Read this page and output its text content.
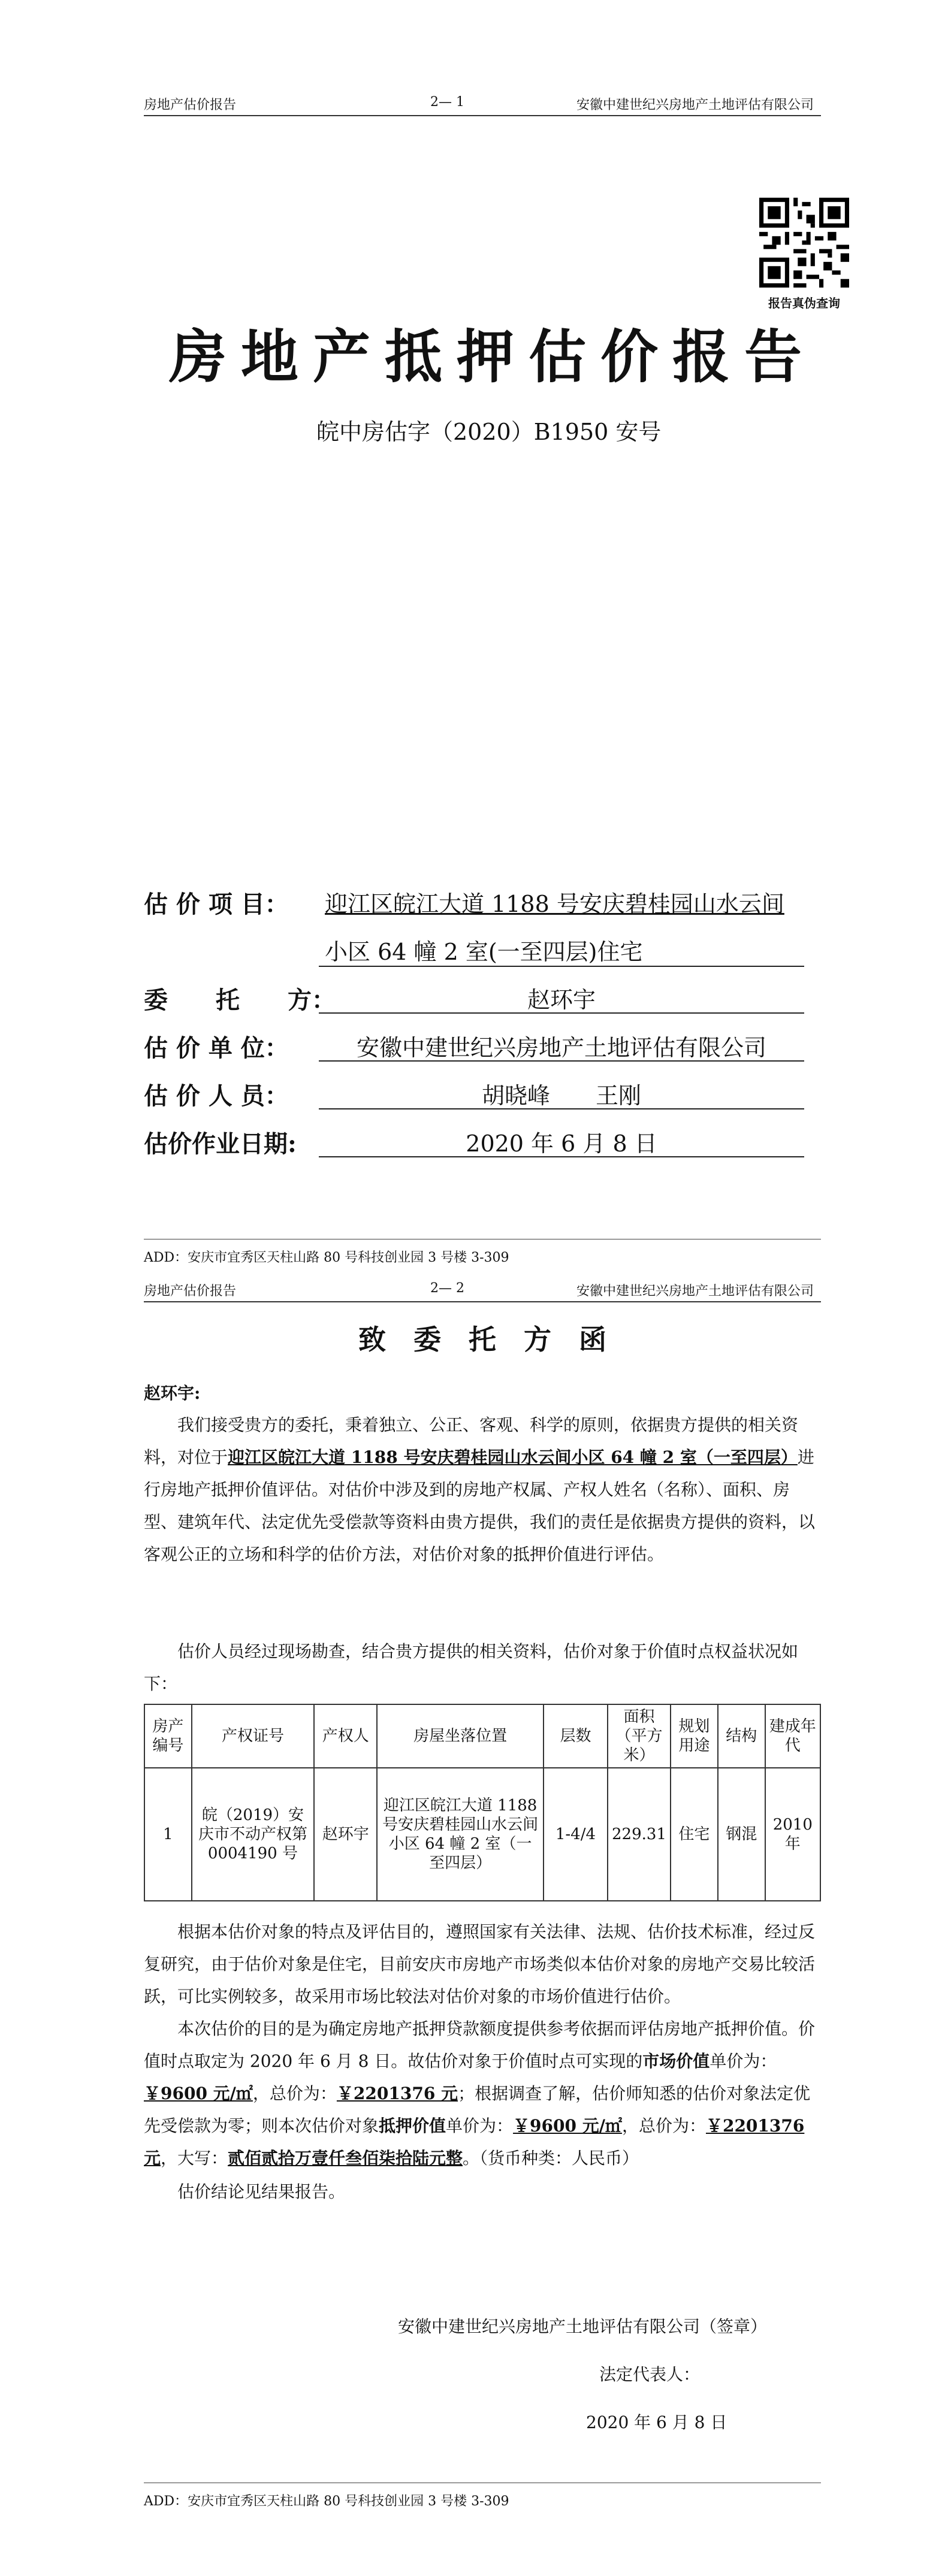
房地产估价报告	2— 1	安徽中建世纪兴房地产土地评估有限公司
报告真伪查询
房地产抵押估价报告
皖中房估字（2020）B1950 安号
估 价 项 目： 迎江区皖江大道 1188 号安庆碧桂园山水云间
小区 64 幢 2 室(一至四层)住宅
委　　托　　方：	赵环宇
估 价 单 位：	安徽中建世纪兴房地产土地评估有限公司
估 价 人 员：	胡晓峰　　王刚
估价作业日期:	2020 年 6 月 8 日
ADD：安庆市宜秀区天柱山路 80 号科技创业园 3 号楼 3-309
房地产估价报告	2— 2	安徽中建世纪兴房地产土地评估有限公司
致　委　托　方　函
赵环宇:
我们接受贵方的委托，秉着独立、公正、客观、科学的原则，依据贵方提供的相关资料，对位于迎江区皖江大道 1188 号安庆碧桂园山水云间小区 64 幢 2 室（一至四层）进行房地产抵押价值评估。对估价中涉及到的房地产权属、产权人姓名（名称）、面积、房型、建筑年代、法定优先受偿款等资料由贵方提供，我们的责任是依据贵方提供的资料，以客观公正的立场和科学的估价方法，对估价对象的抵押价值进行评估。
估价人员经过现场勘查，结合贵方提供的相关资料，估价对象于价值时点权益状况如下：
房产编号	产权证号	产权人	房屋坐落位置	层数	面积（平方米）	规划用途	结构	建成年代
1	皖（2019）安庆市不动产权第 0004190 号	赵环宇	迎江区皖江大道 1188 号安庆碧桂园山水云间小区 64 幢 2 室（一至四层）	1-4/4	229.31	住宅	钢混	2010 年
根据本估价对象的特点及评估目的，遵照国家有关法律、法规、估价技术标准，经过反复研究，由于估价对象是住宅，目前安庆市房地产市场类似本估价对象的房地产交易比较活跃，可比实例较多，故采用市场比较法对估价对象的市场价值进行估价。
本次估价的目的是为确定房地产抵押贷款额度提供参考依据而评估房地产抵押价值。价值时点取定为 2020 年 6 月 8 日。故估价对象于价值时点可实现的市场价值单价为：￥9600 元/㎡，总价为：￥2201376 元；根据调查了解，估价师知悉的估价对象法定优先受偿款为零；则本次估价对象抵押价值单价为：￥9600 元/㎡，总价为：￥2201376 元，大写：贰佰贰拾万壹仟叁佰柒拾陆元整。（货币种类：人民币）
估价结论见结果报告。
安徽中建世纪兴房地产土地评估有限公司（签章）
法定代表人：
2020 年 6 月 8 日
ADD：安庆市宜秀区天柱山路 80 号科技创业园 3 号楼 3-309
